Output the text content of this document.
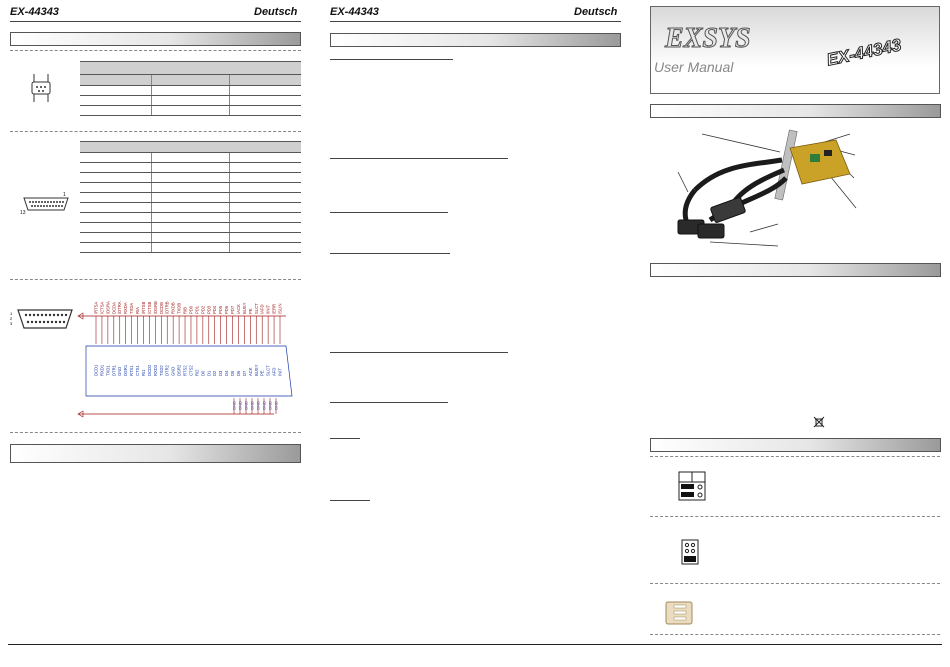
EX-44343	Deutsch

1
13

1
2
3
/RTSA
DCD1
/CTSA
RXD1
/DSRA
TXD1
DCDA
DTR1
/DTRA
GND
RXDA
DSR1
TXDA
RTS1
RIA
CTS1
/RTSB
RI1
/CTSB
DCD2
/DSRB
RXD2
DCDB
TXD2
/DTRB
DTR2
RXDB
GND
TXDB
DSR2
RIB
RTS2
PD0
CTS2
PD1
RI2
PD2
D0
PD3
D1
PD4
D2
PD5
D3
PD6
D4
PD7
D5
/ACK
D6
BUSY
D7
PE
ACK
SLCT
BUSY
/AFD
PE
/INIT
SLCT
/ERR
AFD
/SLIN
INIT
GND GND GND GND GND GND GND GND
EX-44343	Deutsch
EXSYS
User Manual	EX-44343
